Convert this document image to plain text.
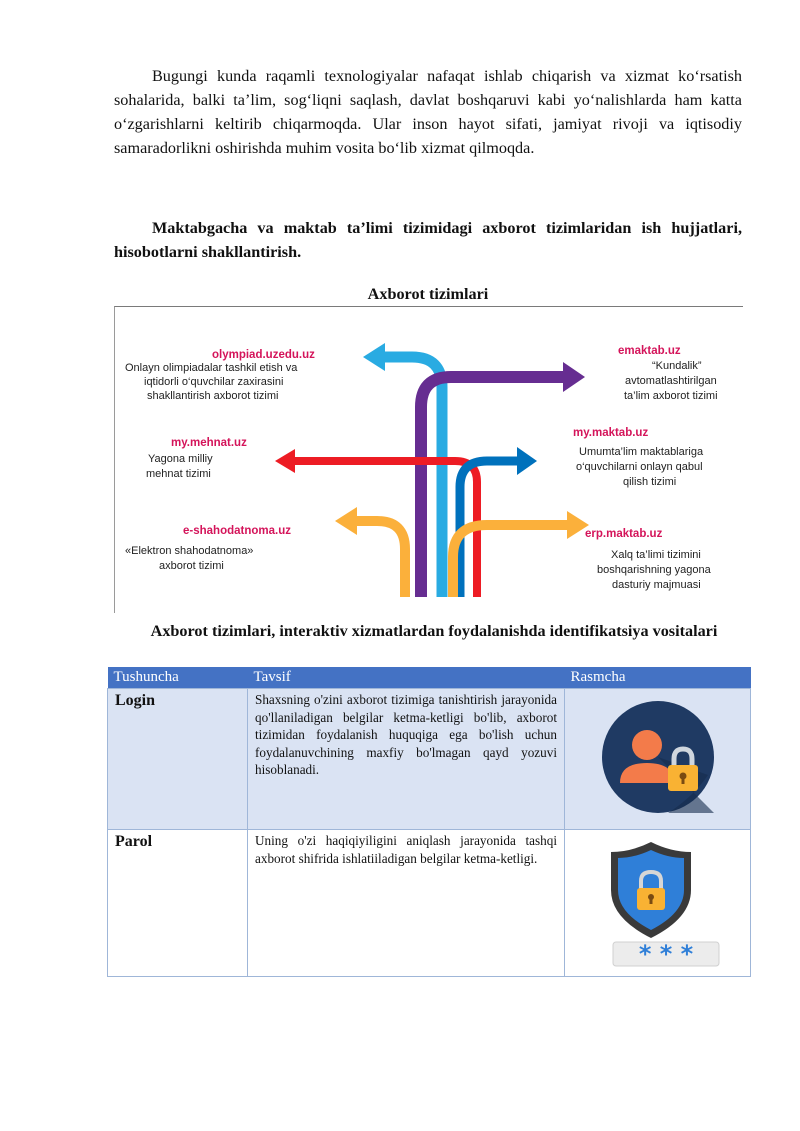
Bugungi kunda raqamli texnologiyalar nafaqat ishlab chiqarish va xizmat ko‘rsatish sohalarida, balki ta’lim, sog‘liqni saqlash, davlat boshqaruvi kabi yo‘nalishlarda ham katta o‘zgarishlarni keltirib chiqarmoqda. Ular inson hayot sifati, jamiyat rivoji va iqtisodiy samaradorlikni oshirishda muhim vosita bo‘lib xizmat qilmoqda.

Maktabgacha va maktab ta’limi tizimidagi axborot tizimlaridan ish hujjatlari, hisobotlarni shakllantirish.

Axborot tizimlari
olympiad.uzedu.uz
Onlayn olimpiadalar tashkil etish va
iqtidorli o‘quvchilar zaxirasini
shakllantirish axborot tizimi
my.mehnat.uz
Yagona milliy
mehnat tizimi
e-shahodatnoma.uz
«Elektron shahodatnoma»
axborot tizimi
emaktab.uz
“Kundalik”
avtomatlashtirilgan
ta’lim axborot tizimi
my.maktab.uz
Umumta’lim maktablariga
o‘quvchilarni onlayn qabul
qilish tizimi
erp.maktab.uz
Xalq ta’limi tizimini
boshqarishning yagona
dasturiy majmuasi
Axborot tizimlari, interaktiv xizmatlardan foydalanishda identifikatsiya vositalari
Tushuncha	Tavsif	Rasmcha
Login	Shaxsning o'zini axborot tizimiga tanishtirish jarayonida qo'llaniladigan belgilar ketma-ketligi bo'lib, axborot tizimidan foydalanish huquqiga ega bo'lish uchun foydalanuvchining maxfiy bo'lmagan qayd yozuvi hisoblanadi.	
Parol	Uning o'zi haqiqiyiligini aniqlash jarayonida tashqi axborot shifrida ishlatiiladigan belgilar ketma-ketligi.	* * *
